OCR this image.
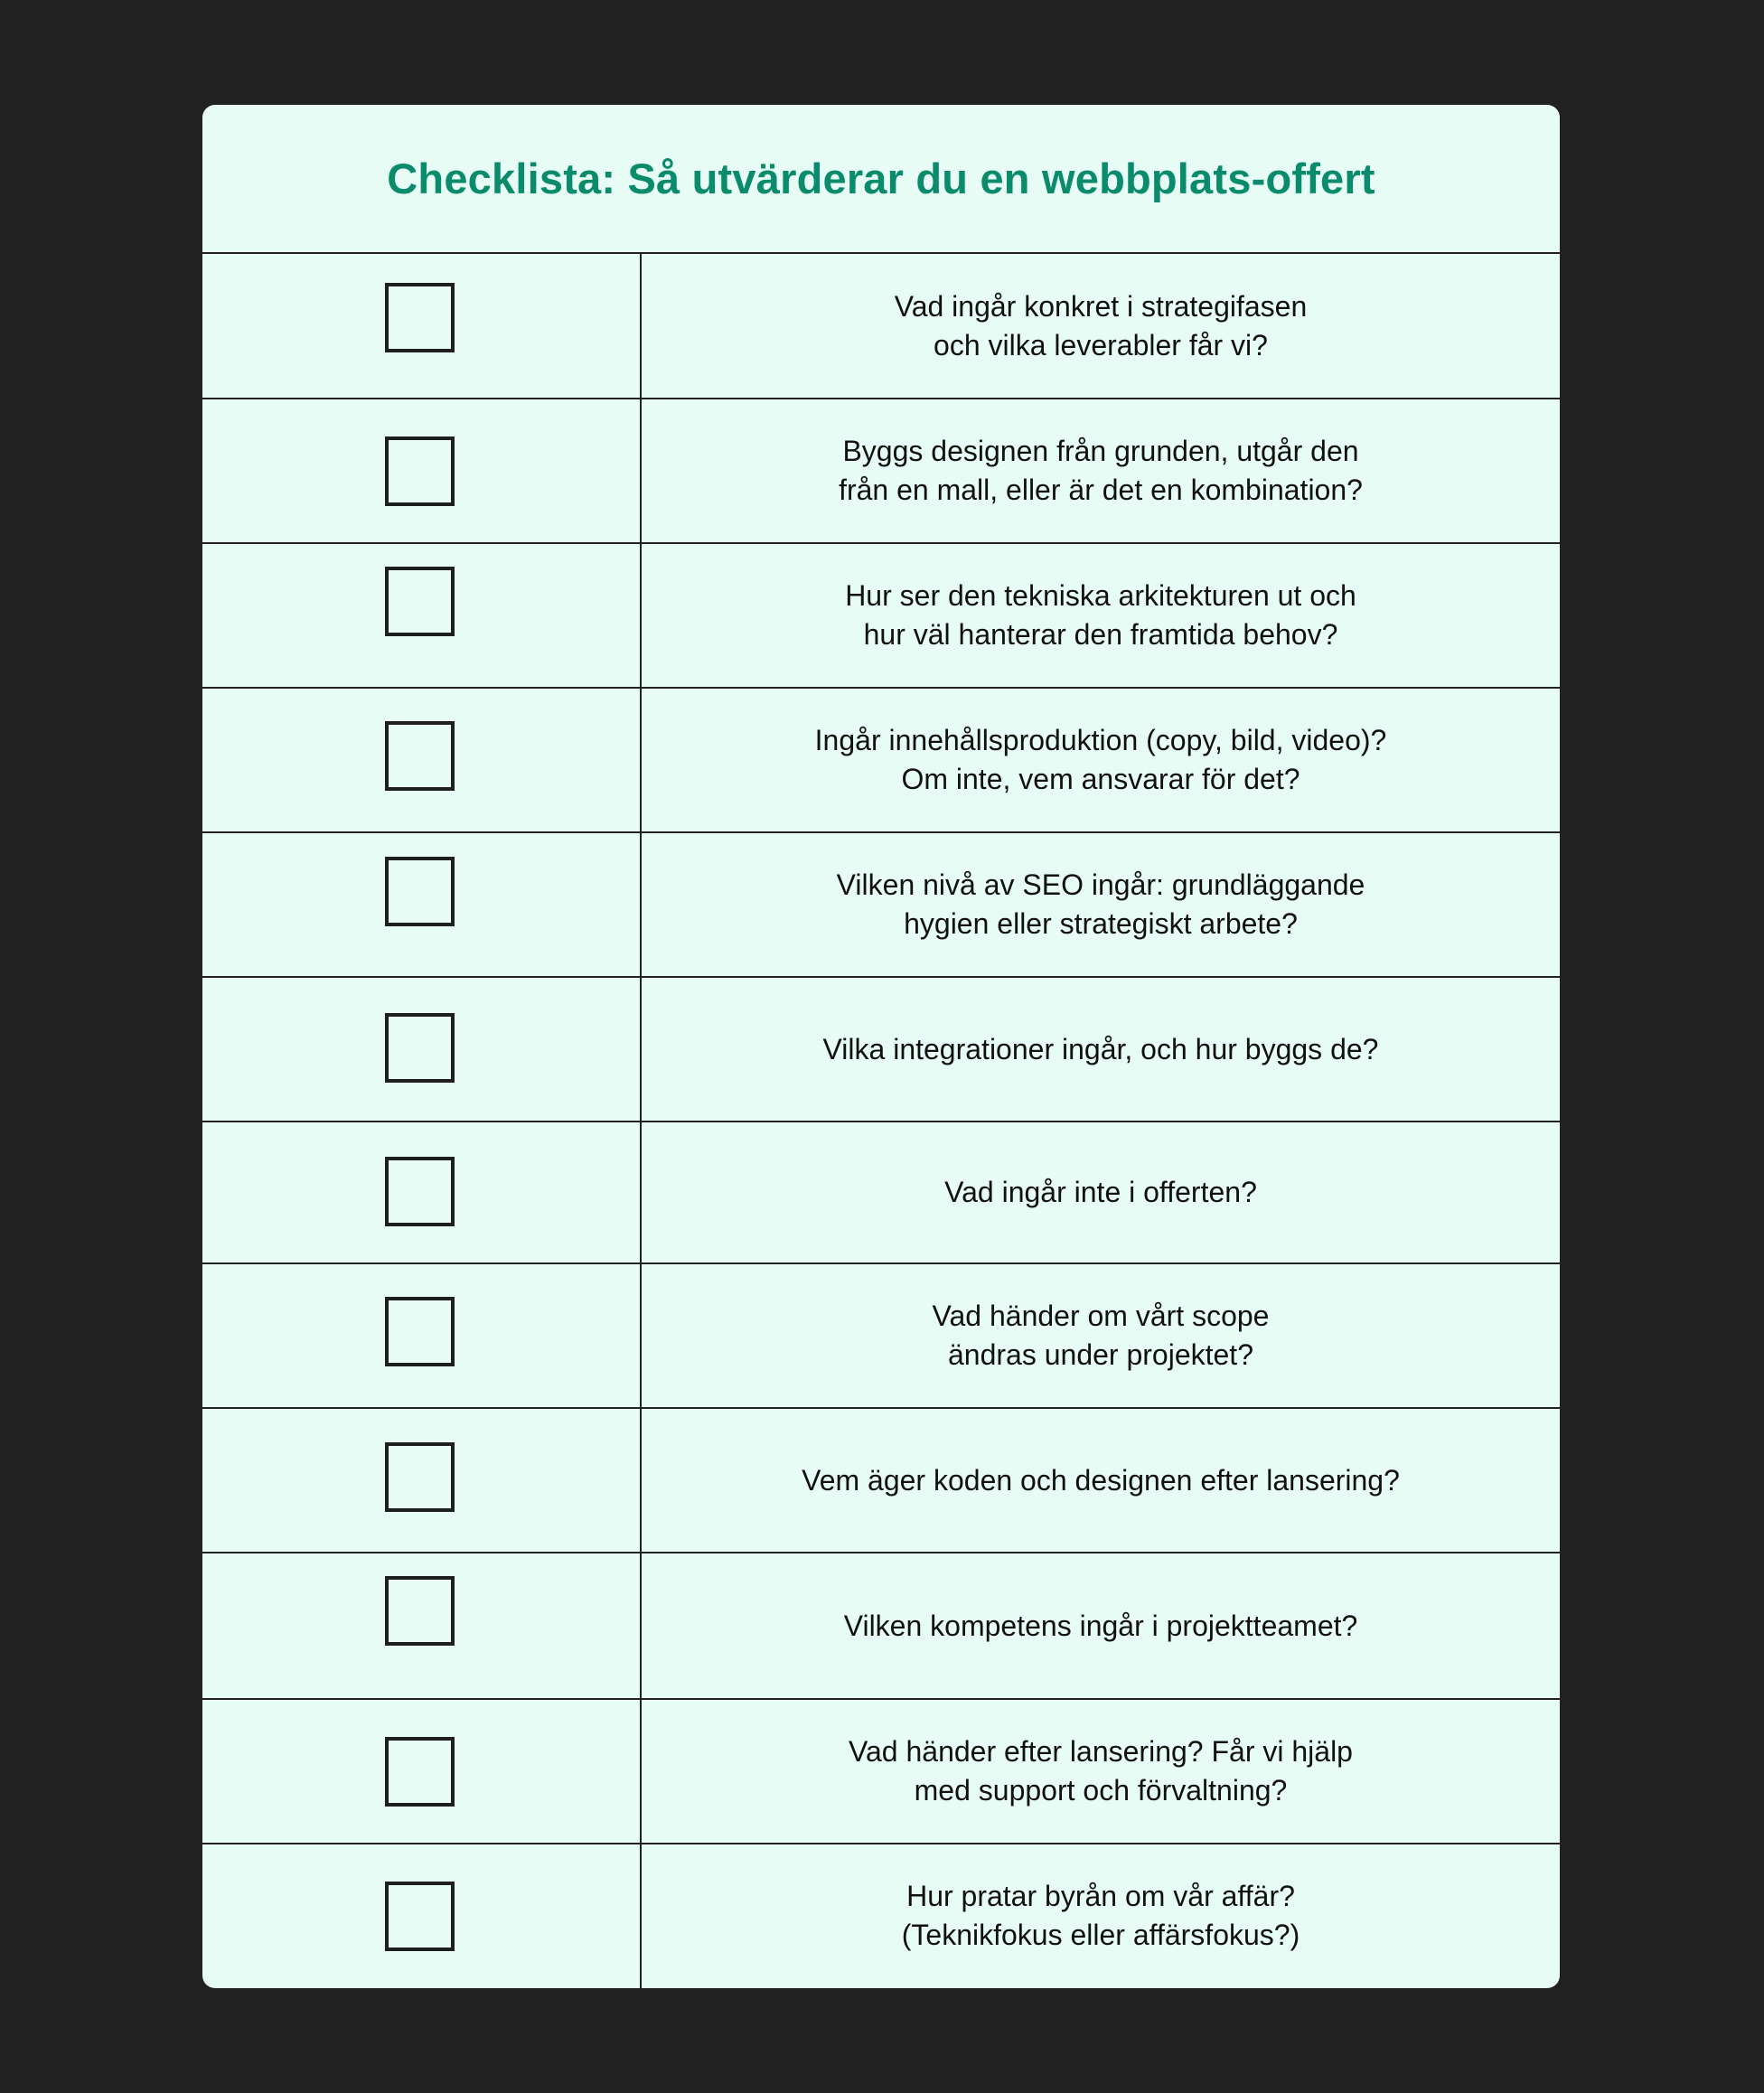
Checklista: Så utvärderar du en webbplats-offert
Vad ingår konkret i strategifasen
och vilka leverabler får vi?
Byggs designen från grunden, utgår den
från en mall, eller är det en kombination?
Hur ser den tekniska arkitekturen ut och
hur väl hanterar den framtida behov?
Ingår innehållsproduktion (copy, bild, video)?
Om inte, vem ansvarar för det?
Vilken nivå av SEO ingår: grundläggande
hygien eller strategiskt arbete?
Vilka integrationer ingår, och hur byggs de?
Vad ingår inte i offerten?
Vad händer om vårt scope
ändras under projektet?
Vem äger koden och designen efter lansering?
Vilken kompetens ingår i projektteamet?
Vad händer efter lansering? Får vi hjälp
med support och förvaltning?
Hur pratar byrån om vår affär?
(Teknikfokus eller affärsfokus?)
